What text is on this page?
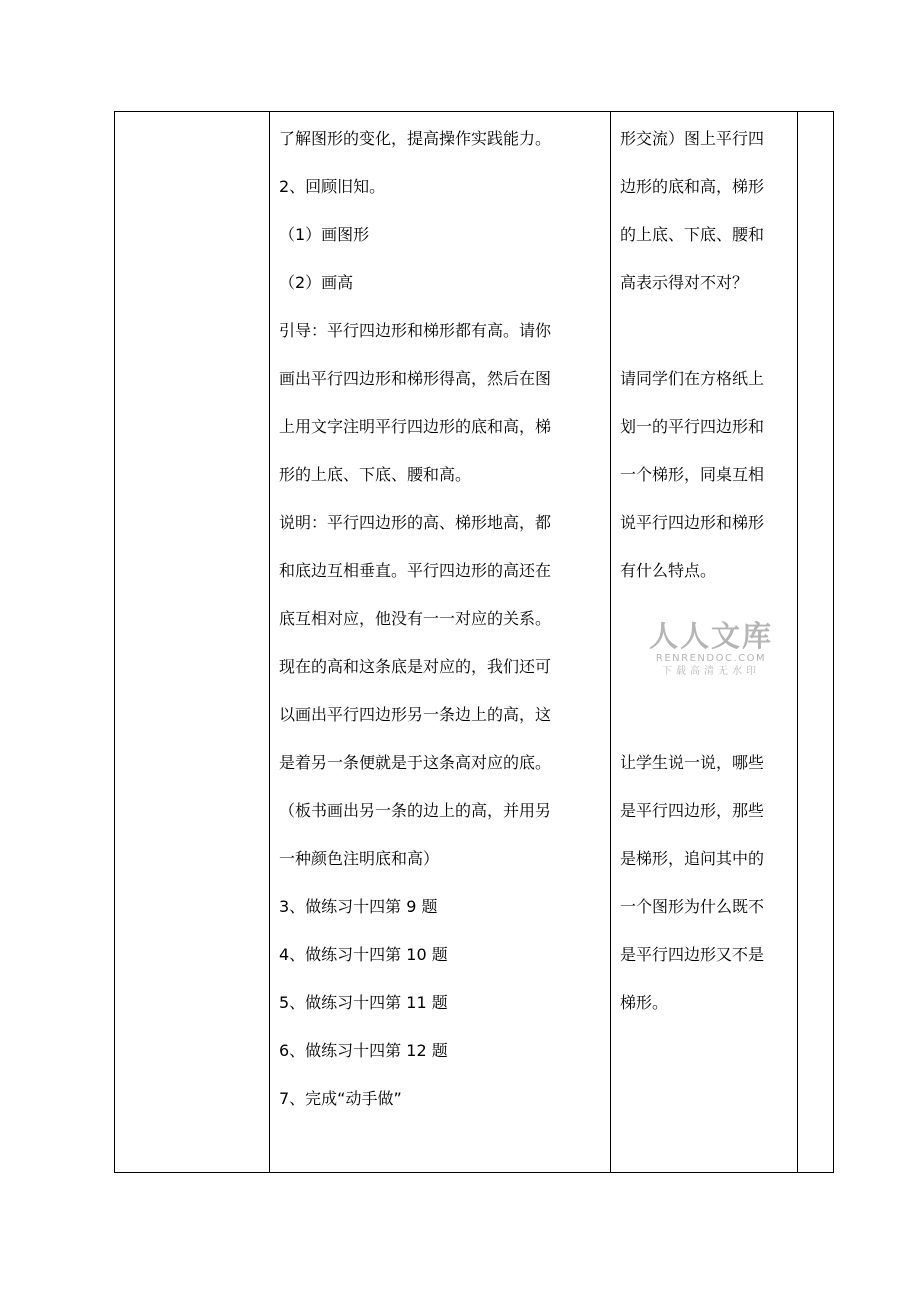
了解图形的变化，提高操作实践能力。
2、回顾旧知。
（1）画图形
（2）画高
引导：平行四边形和梯形都有高。请你
画出平行四边形和梯形得高，然后在图
上用文字注明平行四边形的底和高，梯
形的上底、下底、腰和高。
说明：平行四边形的高、梯形地高，都
和底边互相垂直。平行四边形的高还在
底互相对应，他没有一一对应的关系。
现在的高和这条底是对应的，我们还可
以画出平行四边形另一条边上的高，这
是着另一条便就是于这条高对应的底。
（板书画出另一条的边上的高，并用另
一种颜色注明底和高）
3、做练习十四第 9 题
4、做练习十四第 10 题
5、做练习十四第 11 题
6、做练习十四第 12 题
7、完成“动手做”
形交流）图上平行四
边形的底和高，梯形
的上底、下底、腰和
高表示得对不对？
请同学们在方格纸上
划一的平行四边形和
一个梯形，同桌互相
说平行四边形和梯形
有什么特点。
让学生说一说，哪些
是平行四边形，那些
是梯形，追问其中的
一个图形为什么既不
是平行四边形又不是
梯形。
人人文库
RENRENDOC.COM
下载高清无水印
